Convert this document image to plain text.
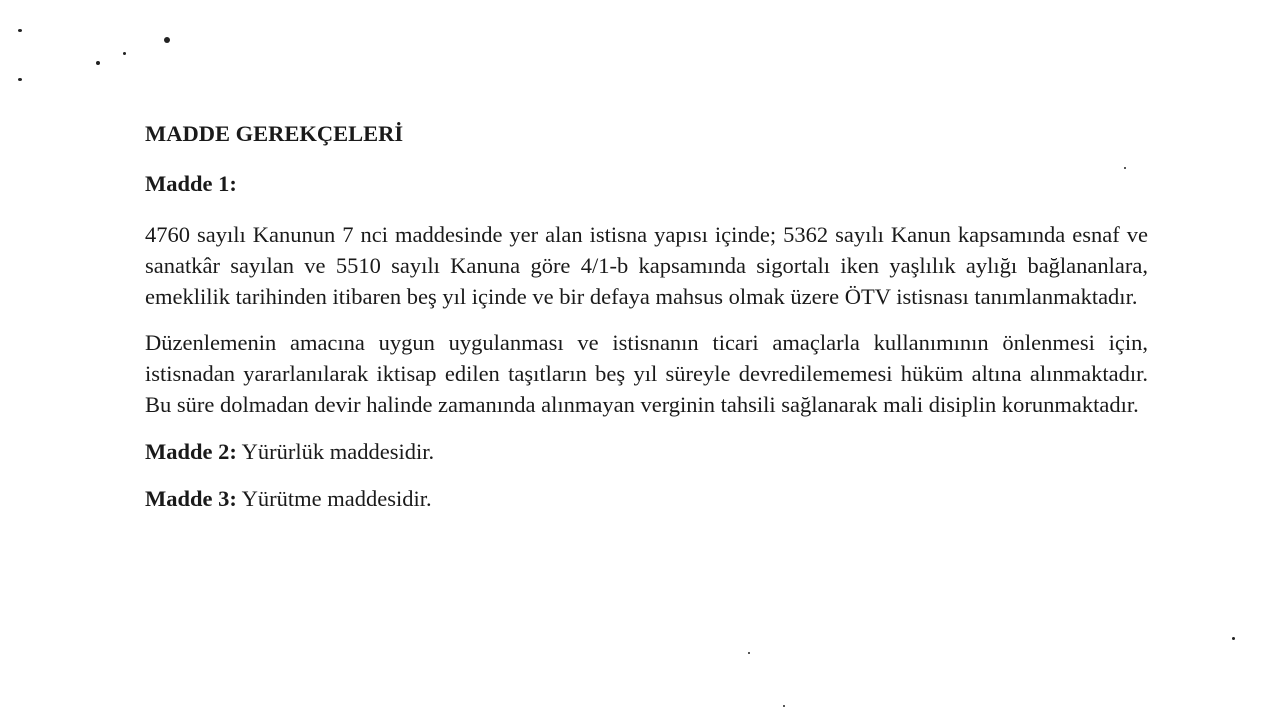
MADDE GEREKÇELERİ
Madde 1:

4760 sayılı Kanunun 7 nci maddesinde yer alan istisna yapısı içinde; 5362 sayılı Kanun kapsamında esnaf ve sanatkâr sayılan ve 5510 sayılı Kanuna göre 4/1-b kapsamında sigortalı iken yaşlılık aylığı bağlananlara, emeklilik tarihinden itibaren beş yıl içinde ve bir defaya mahsus olmak üzere ÖTV istisnası tanımlanmaktadır.

Düzenlemenin amacına uygun uygulanması ve istisnanın ticari amaçlarla kullanımının önlenmesi için, istisnadan yararlanılarak iktisap edilen taşıtların beş yıl süreyle devredilememesi hüküm altına alınmaktadır. Bu süre dolmadan devir halinde zamanında alınmayan verginin tahsili sağlanarak mali disiplin korunmaktadır.

Madde 2: Yürürlük maddesidir.
Madde 3: Yürütme maddesidir.
